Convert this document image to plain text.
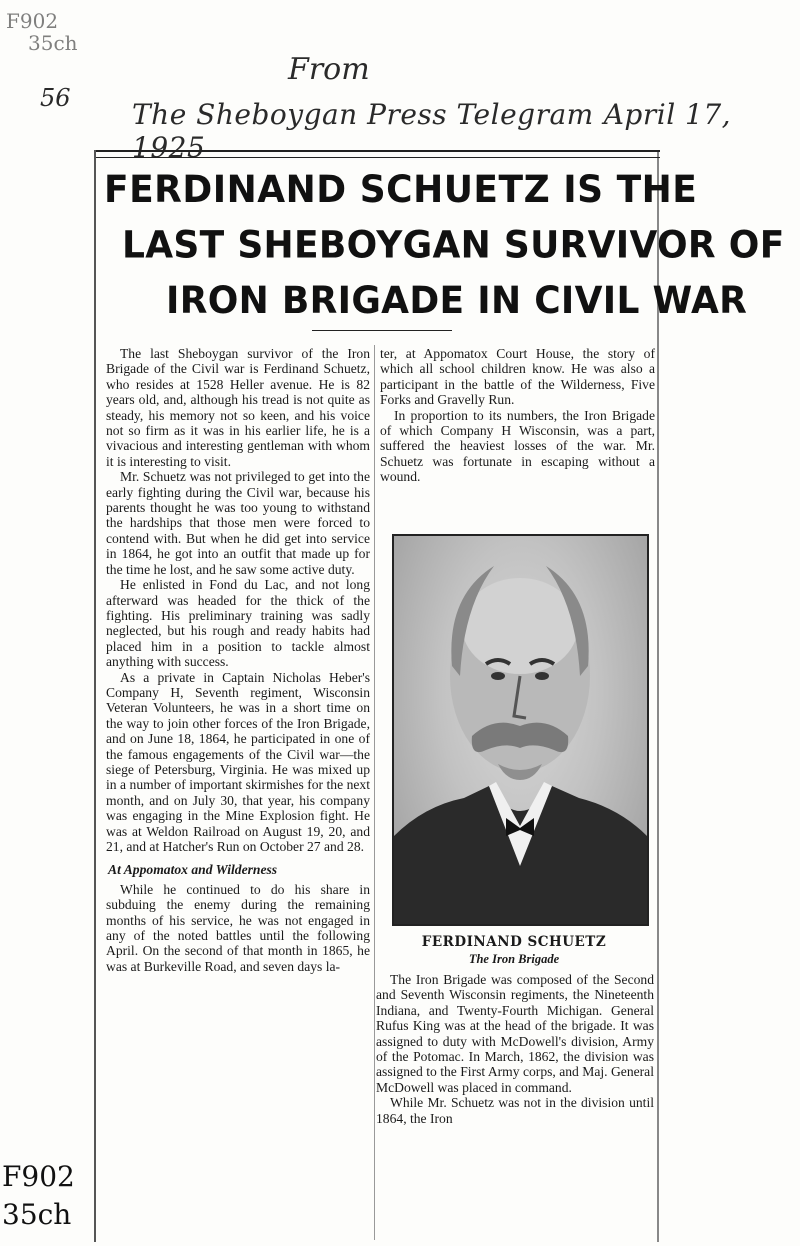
F902
35ch
56
From
The Sheboygan Press Telegram April 17, 1925
FERDINAND SCHUETZ IS THE
LAST SHEBOYGAN SURVIVOR OF
IRON BRIGADE IN CIVIL WAR

The last Sheboygan survivor of the Iron Brigade of the Civil war is Ferdinand Schuetz, who resides at 1528 Heller avenue. He is 82 years old, and, although his tread is not quite as steady, his memory not so keen, and his voice not so firm as it was in his earlier life, he is a vivacious and interesting gentleman with whom it is interesting to visit.

Mr. Schuetz was not privileged to get into the early fighting during the Civil war, because his parents thought he was too young to withstand the hardships that those men were forced to contend with. But when he did get into service in 1864, he got into an outfit that made up for the time he lost, and he saw some active duty.

He enlisted in Fond du Lac, and not long afterward was headed for the thick of the fighting. His preliminary training was sadly neglected, but his rough and ready habits had placed him in a position to tackle almost anything with success.

As a private in Captain Nicholas Heber's Company H, Seventh regiment, Wisconsin Veteran Volunteers, he was in a short time on the way to join other forces of the Iron Brigade, and on June 18, 1864, he participated in one of the famous engagements of the Civil war—the siege of Petersburg, Virginia. He was mixed up in a number of important skirmishes for the next month, and on July 30, that year, his company was engaging in the Mine Explosion fight. He was at Weldon Railroad on August 19, 20, and 21, and at Hatcher's Run on October 27 and 28.

At Appomatox and Wilderness

While he continued to do his share in subduing the enemy during the remaining months of his service, he was not engaged in any of the noted battles until the following April. On the second of that month in 1865, he was at Burkeville Road, and seven days la-

ter, at Appomatox Court House, the story of which all school children know. He was also a participant in the battle of the Wilderness, Five Forks and Gravelly Run.

In proportion to its numbers, the Iron Brigade of which Company H Wisconsin, was a part, suffered the heaviest losses of the war. Mr. Schuetz was fortunate in escaping without a wound.

FERDINAND SCHUETZ
The Iron Brigade

The Iron Brigade was composed of the Second and Seventh Wisconsin regiments, the Nineteenth Indiana, and Twenty-Fourth Michigan. General Rufus King was at the head of the brigade. It was assigned to duty with McDowell's division, Army of the Potomac. In March, 1862, the division was assigned to the First Army corps, and Maj. General McDowell was placed in command.

While Mr. Schuetz was not in the division until 1864, the Iron

F902
35ch
